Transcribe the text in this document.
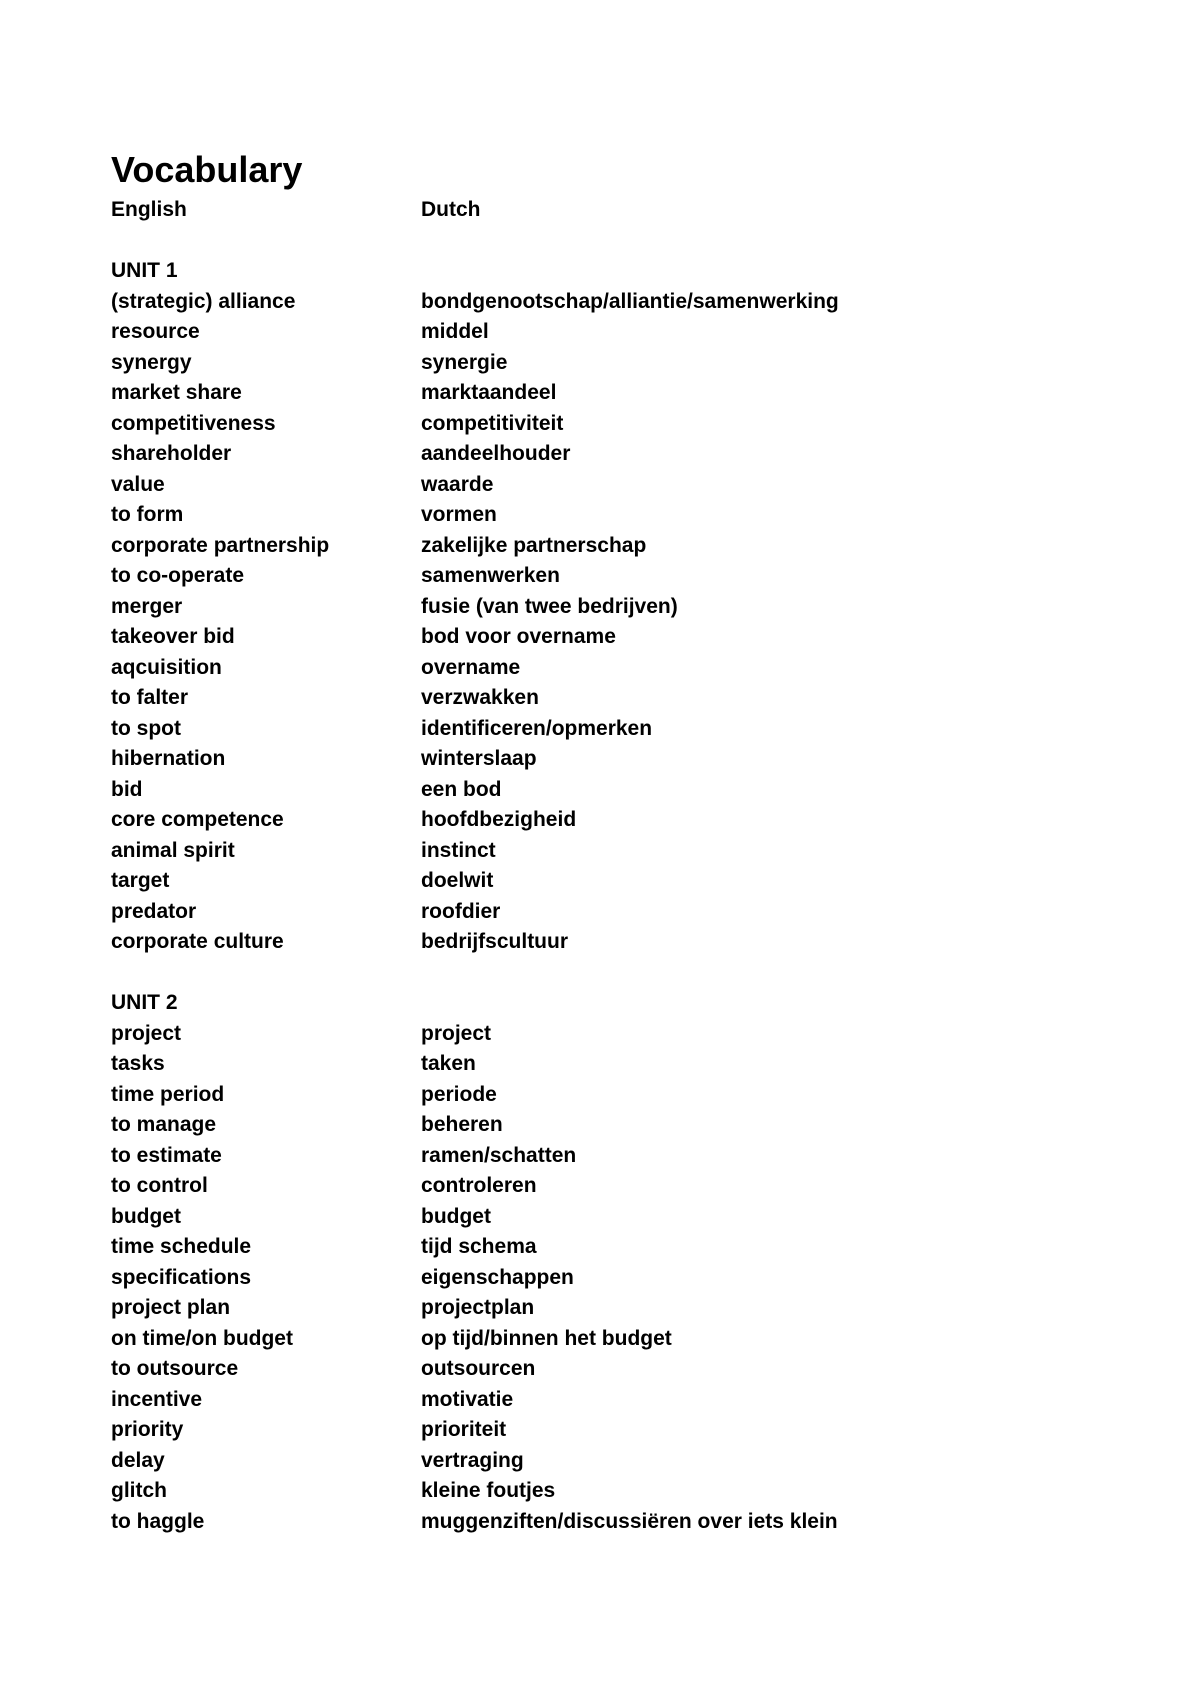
Vocabulary
English	Dutch
UNIT 1
(strategic) alliance	bondgenootschap/alliantie/samenwerking
resource	middel
synergy	synergie
market share	marktaandeel
competitiveness	competitiviteit
shareholder	aandeelhouder
value	waarde
to form	vormen
corporate partnership	zakelijke partnerschap
to co-operate	samenwerken
merger	fusie (van twee bedrijven)
takeover bid	bod voor overname
aqcuisition	overname
to falter	verzwakken
to spot	identificeren/opmerken
hibernation	winterslaap
bid	een bod
core competence	hoofdbezigheid
animal spirit	instinct
target	doelwit
predator	roofdier
corporate culture	bedrijfscultuur
UNIT 2
project	project
tasks	taken
time period	periode
to manage	beheren
to estimate	ramen/schatten
to control	controleren
budget	budget
time schedule	tijd schema
specifications	eigenschappen
project plan	projectplan
on time/on budget	op tijd/binnen het budget
to outsource	outsourcen
incentive	motivatie
priority	prioriteit
delay	vertraging
glitch	kleine foutjes
to haggle	muggenziften/discussiëren over iets klein
